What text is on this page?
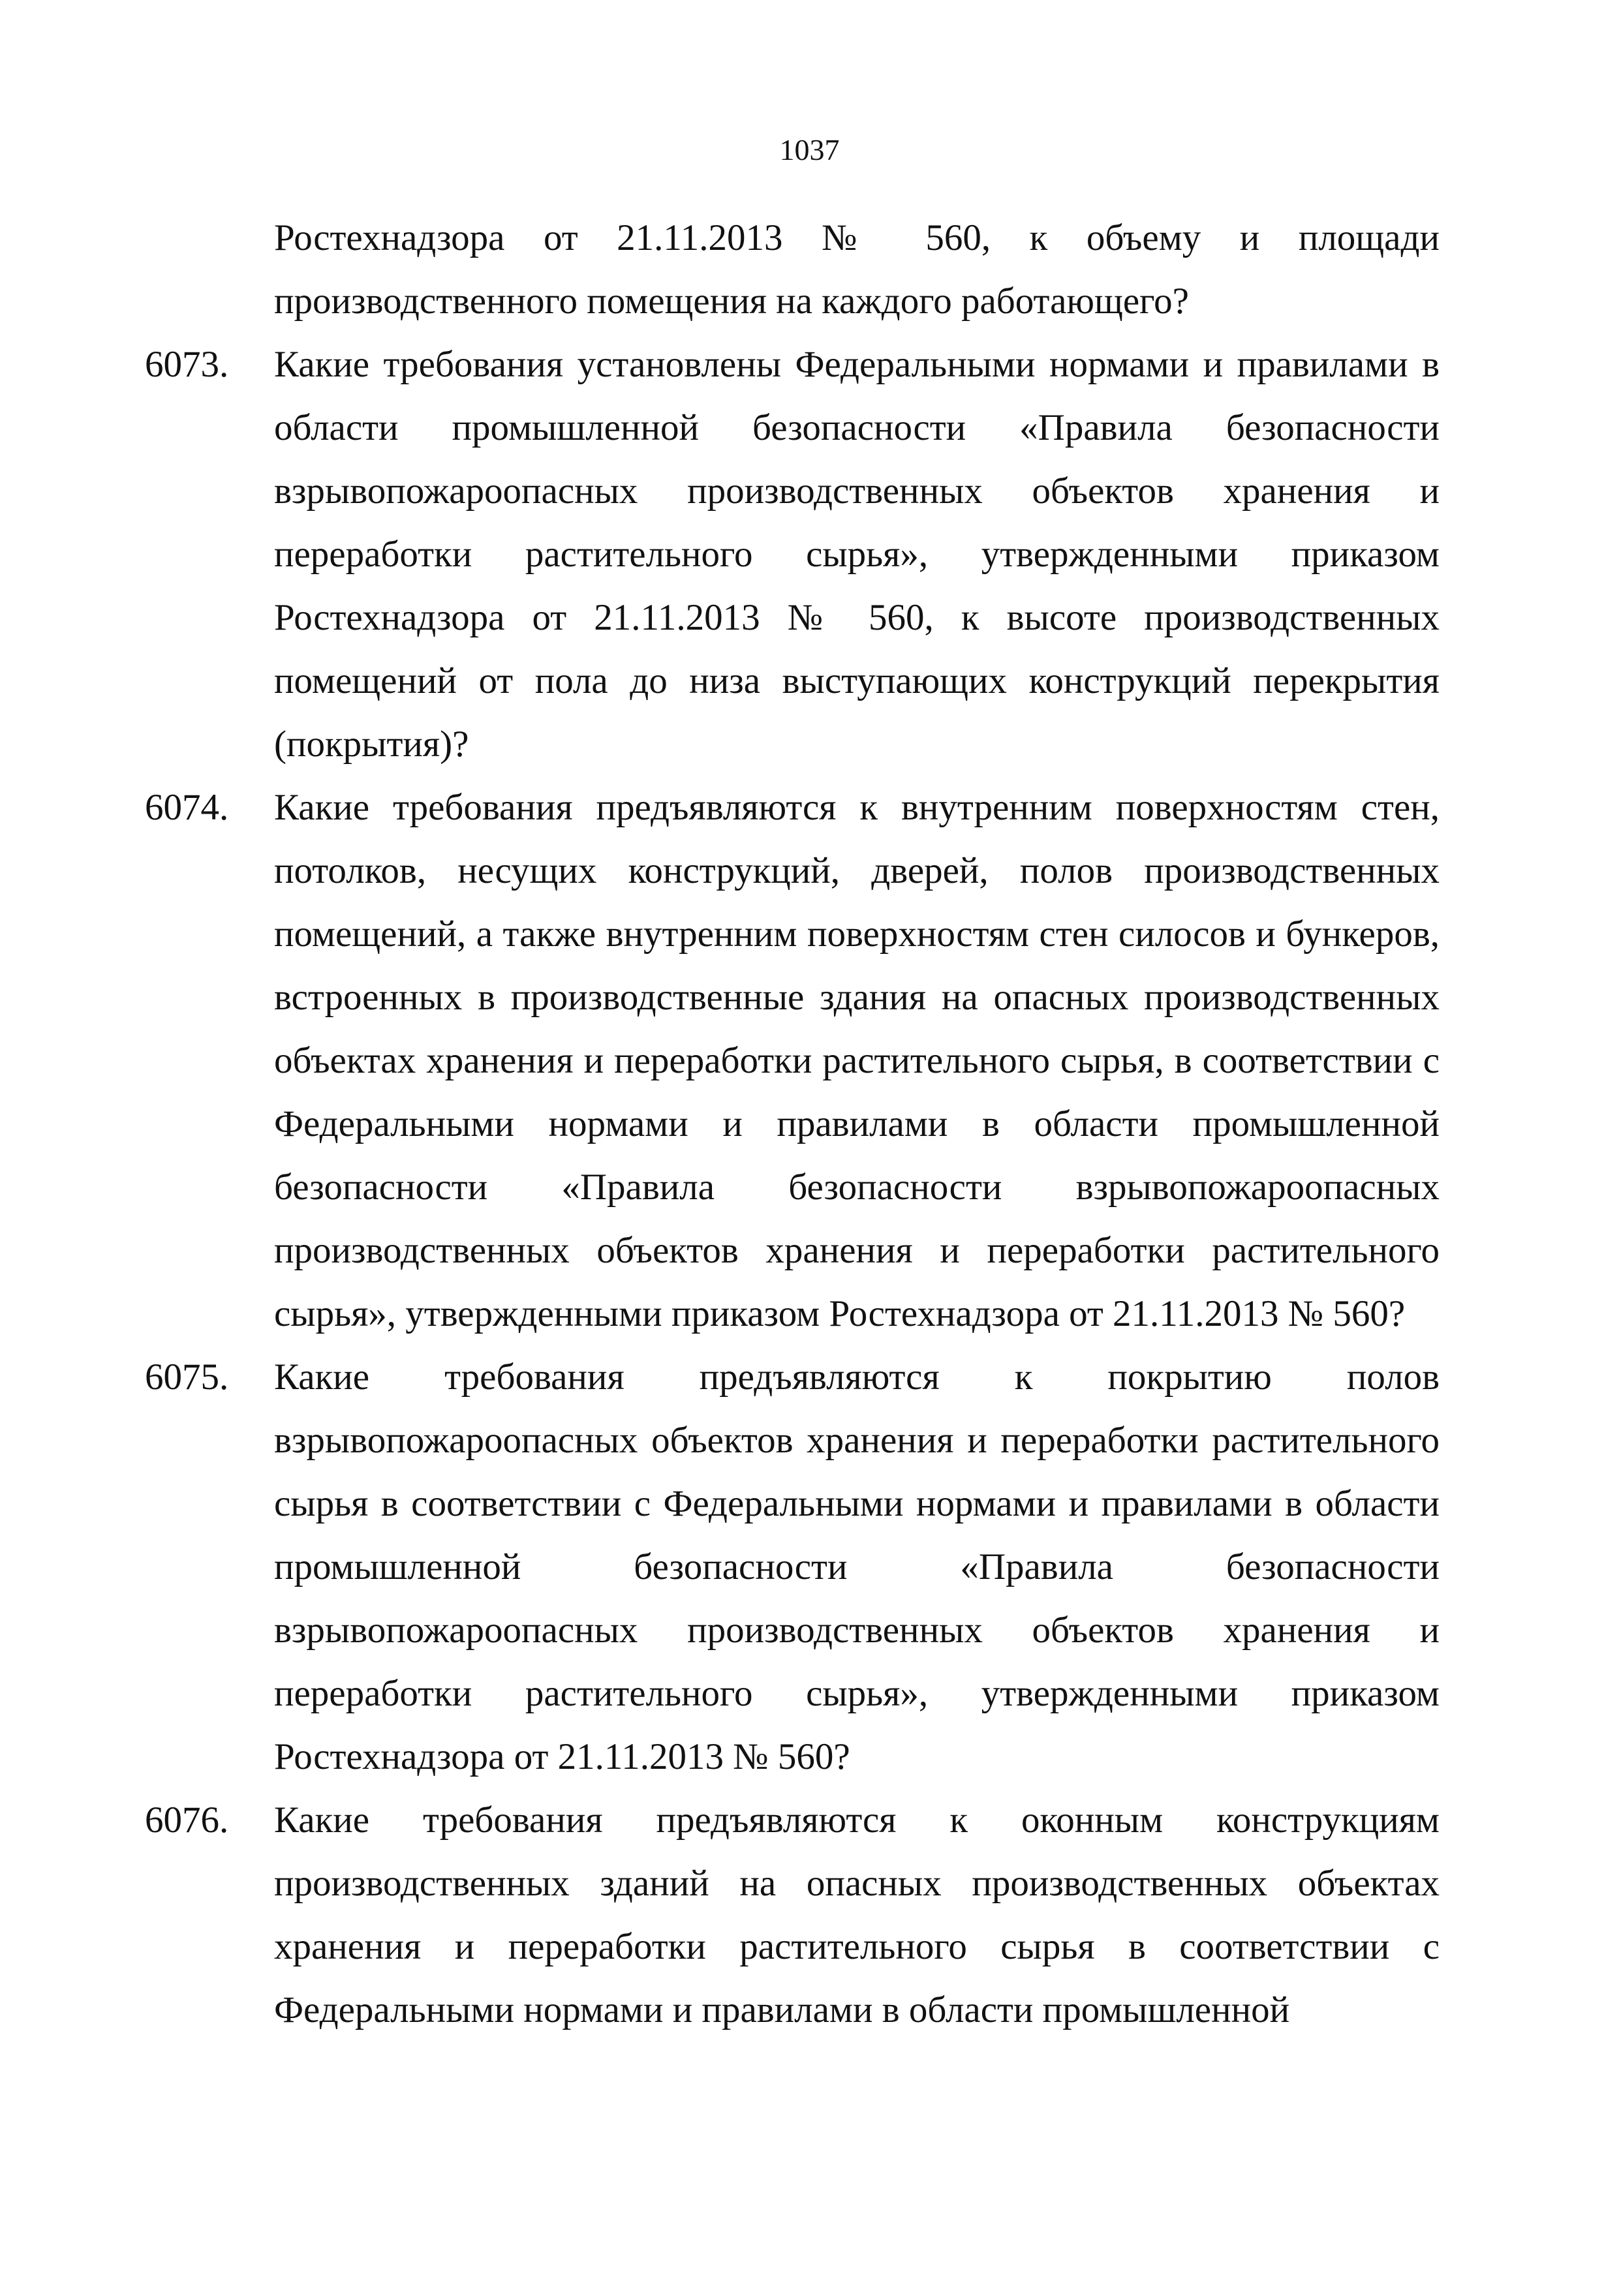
1037
Ростехнадзора от 21.11.2013 № 560, к объему и площади производственного помещения на каждого работающего?
6073. Какие требования установлены Федеральными нормами и правилами в области промышленной безопасности «Правила безопасности взрывопожароопасных производственных объектов хранения и переработки растительного сырья», утвержденными приказом Ростехнадзора от 21.11.2013 № 560, к высоте производственных помещений от пола до низа выступающих конструкций перекрытия (покрытия)?
6074. Какие требования предъявляются к внутренним поверхностям стен, потолков, несущих конструкций, дверей, полов производственных помещений, а также внутренним поверхностям стен силосов и бункеров, встроенных в производственные здания на опасных производственных объектах хранения и переработки растительного сырья, в соответствии с Федеральными нормами и правилами в области промышленной безопасности «Правила безопасности взрывопожароопасных производственных объектов хранения и переработки растительного сырья», утвержденными приказом Ростехнадзора от 21.11.2013 № 560?
6075. Какие требования предъявляются к покрытию полов взрывопожароопасных объектов хранения и переработки растительного сырья в соответствии с Федеральными нормами и правилами в области промышленной безопасности «Правила безопасности взрывопожароопасных производственных объектов хранения и переработки растительного сырья», утвержденными приказом Ростехнадзора от 21.11.2013 № 560?
6076. Какие требования предъявляются к оконным конструкциям производственных зданий на опасных производственных объектах хранения и переработки растительного сырья в соответствии с Федеральными нормами и правилами в области промышленной
